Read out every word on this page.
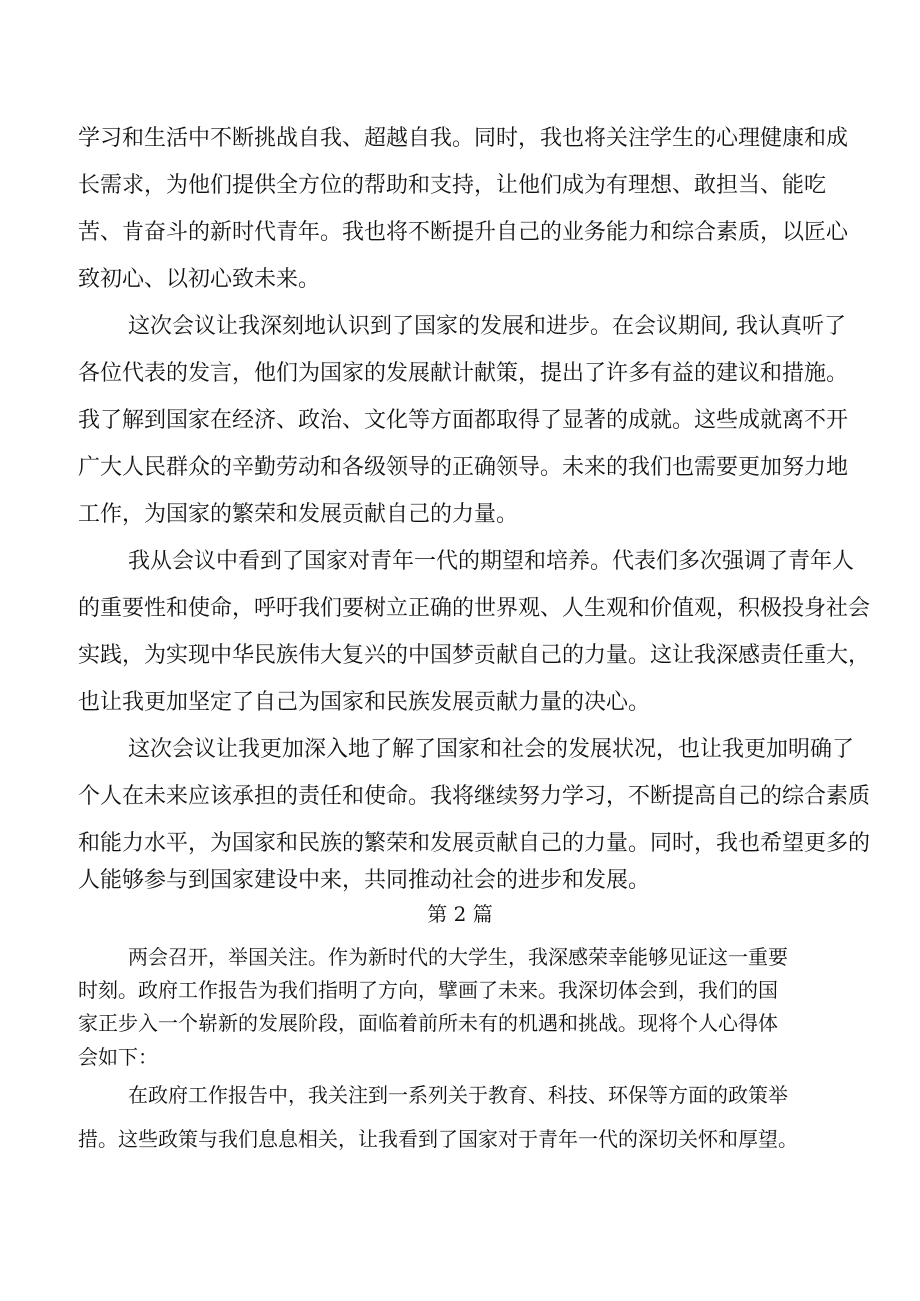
学习和生活中不断挑战自我、超越自我。同时，我也将关注学生的心理健康和成
长需求，为他们提供全方位的帮助和支持，让他们成为有理想、敢担当、能吃
苦、肯奋斗的新时代青年。我也将不断提升自己的业务能力和综合素质，以匠心
致初心、以初心致未来。
这次会议让我深刻地认识到了国家的发展和进步。在会议期间, 我认真听了
各位代表的发言，他们为国家的发展献计献策，提出了许多有益的建议和措施。
我了解到国家在经济、政治、文化等方面都取得了显著的成就。这些成就离不开
广大人民群众的辛勤劳动和各级领导的正确领导。未来的我们也需要更加努力地
工作，为国家的繁荣和发展贡献自己的力量。
我从会议中看到了国家对青年一代的期望和培养。代表们多次强调了青年人
的重要性和使命，呼吁我们要树立正确的世界观、人生观和价值观，积极投身社会
实践，为实现中华民族伟大复兴的中国梦贡献自己的力量。这让我深感责任重大，
也让我更加坚定了自己为国家和民族发展贡献力量的决心。
这次会议让我更加深入地了解了国家和社会的发展状况，也让我更加明确了
个人在未来应该承担的责任和使命。我将继续努力学习，不断提高自己的综合素质
和能力水平，为国家和民族的繁荣和发展贡献自己的力量。同时，我也希望更多的
人能够参与到国家建设中来，共同推动社会的进步和发展。
第 2 篇
两会召开，举国关注。作为新时代的大学生，我深感荣幸能够见证这一重要
时刻。政府工作报告为我们指明了方向，擘画了未来。我深切体会到，我们的国
家正步入一个崭新的发展阶段，面临着前所未有的机遇和挑战。现将个人心得体
会如下：
在政府工作报告中，我关注到一系列关于教育、科技、环保等方面的政策举
措。这些政策与我们息息相关，让我看到了国家对于青年一代的深切关怀和厚望。
